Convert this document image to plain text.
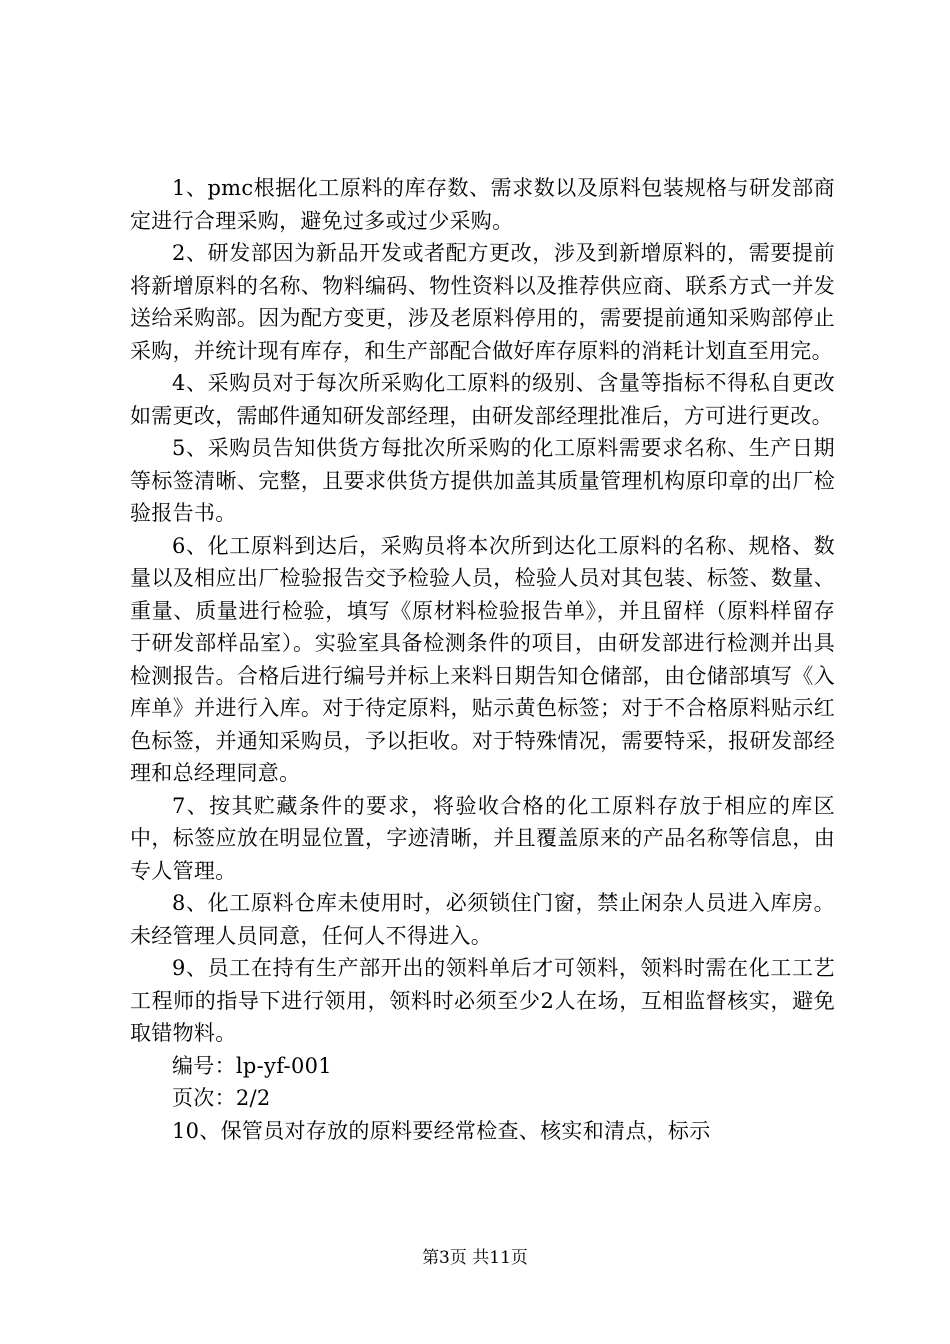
1、pmc根据化工原料的库存数、需求数以及原料包装规格与研发部商定进行合理采购，避免过多或过少采购。

2、研发部因为新品开发或者配方更改，涉及到新增原料的，需要提前将新增原料的名称、物料编码、物性资料以及推荐供应商、联系方式一并发送给采购部。因为配方变更，涉及老原料停用的，需要提前通知采购部停止采购，并统计现有库存，和生产部配合做好库存原料的消耗计划直至用完。

4、采购员对于每次所采购化工原料的级别、含量等指标不得私自更改如需更改，需邮件通知研发部经理，由研发部经理批准后，方可进行更改。

5、采购员告知供货方每批次所采购的化工原料需要求名称、生产日期等标签清晰、完整，且要求供货方提供加盖其质量管理机构原印章的出厂检验报告书。

6、化工原料到达后，采购员将本次所到达化工原料的名称、规格、数量以及相应出厂检验报告交予检验人员，检验人员对其包装、标签、数量、重量、质量进行检验，填写《原材料检验报告单》，并且留样（原料样留存于研发部样品室）。实验室具备检测条件的项目，由研发部进行检测并出具检测报告。合格后进行编号并标上来料日期告知仓储部，由仓储部填写《入库单》并进行入库。对于待定原料，贴示黄色标签；对于不合格原料贴示红色标签，并通知采购员，予以拒收。对于特殊情况，需要特采，报研发部经理和总经理同意。

7、按其贮藏条件的要求，将验收合格的化工原料存放于相应的库区中，标签应放在明显位置，字迹清晰，并且覆盖原来的产品名称等信息，由专人管理。

8、化工原料仓库未使用时，必须锁住门窗，禁止闲杂人员进入库房。未经管理人员同意，任何人不得进入。

9、员工在持有生产部开出的领料单后才可领料，领料时需在化工工艺工程师的指导下进行领用，领料时必须至少2人在场，互相监督核实，避免取错物料。

编号：lp-yf-001

页次：2/2

10、保管员对存放的原料要经常检查、核实和清点，标示

第3页 共11页
